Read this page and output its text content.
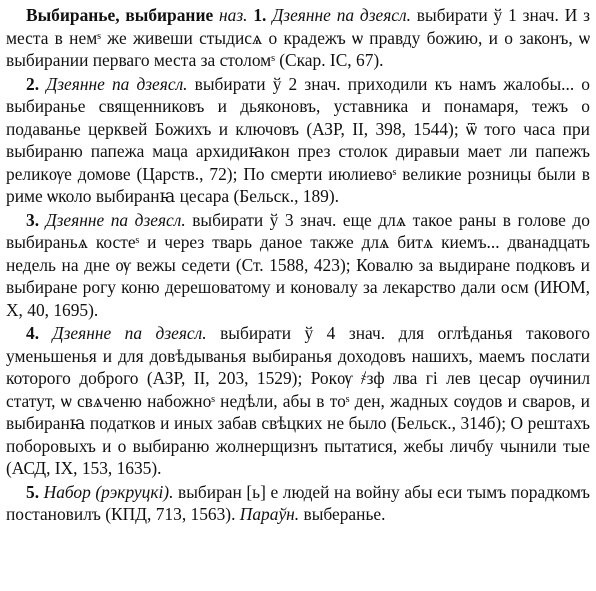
Выбиранье, выбирание наз. 1. Дзеянне па дзеясл. выбирати ў 1 знач. И з места в немˢ же живеши стыдисѧ о крадежъ ѡ правду божию, и о законъ, ѡ выбирании перваго места за столомˢ (Скар. ІС, 67).

2. Дзеянне па дзеясл. выбирати ў 2 знач. приходили къ намъ жалобы... о выбиранье священниковъ и дьяконовъ, уставника и понамаря, тежъ о подаванье церквей Божихъ и ключовъ (АЗР, II, 398, 1544); ѿ того часа при выбираню папежа маца архидиꙗкон през столок диравыи мает ли папежъ реликѹе домове (Царств., 72); По смерти июлиевоˢ великие розницы были в риме ѡколо выбиранꙗ цесара (Бельск., 189).

3. Дзеянне па дзеясл. выбирати ў 3 знач. еще длѧ такое раны в голове до выбираньѧ костеˢ и через тварь даное также длѧ битѧ киемъ... дванадцать недель на дне ѹ вежы седети (Ст. 1588, 423); Ковалю за выдиране подковъ и выбиране рогу коню дерешоватому и коновалу за лекарство дали осм (ИЮМ, X, 40, 1695).

4. Дзеянне па дзеясл. выбирати ў 4 знач. для оглѣданья такового уменьшенья и для довѣдыванья выбиранья доходовъ нашихъ, маемъ послати которого доброго (АЗР, II, 203, 1529); Рокѹ ҂зф лва гі лев цесар ѹчинил статут, ѡ свѧченю набожноˢ недѣли, абы в тоˢ ден, жадных сѹдов и сваров, и выбиранꙗ податков и иных забав свѣцких не было (Бельск., 314б); О рештахъ поборовыхъ и о выбираню жолнерщизнъ пытатися, жебы личбу чынили тые (АСД, IX, 153, 1635).

5. Набор (рэкруцкі). выбиран [ь] е людей на войну абы еси тымъ порадкомъ постановилъ (КПД, 713, 1563). Параўн. выбеpанье.
